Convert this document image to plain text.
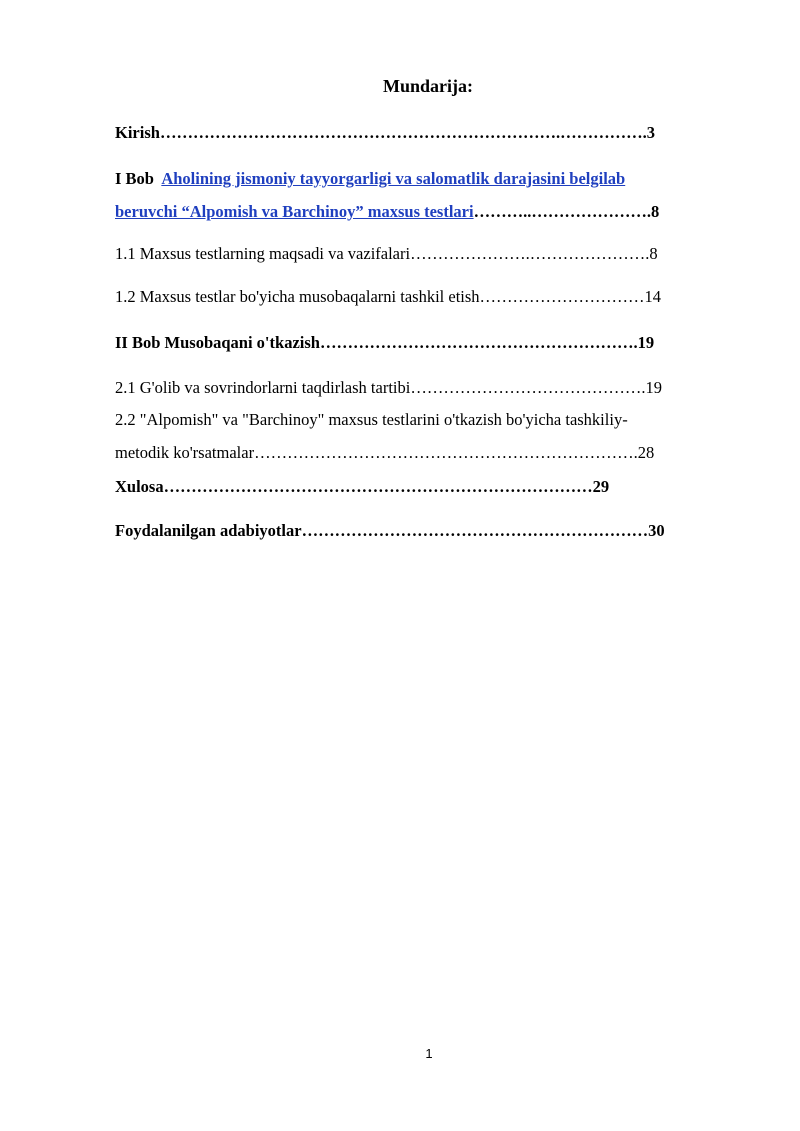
Mundarija:
Kirish……………………………………………………………….…………….3
I Bob Aholining jismoniy tayyorgarligi va salomatlik darajasini belgilab
beruvchi “Alpomish va Barchinoy” maxsus testlari………..………………….8
1.1 Maxsus testlarning maqsadi va vazifalari………………….………………….8
1.2 Maxsus testlar bo'yicha musobaqalarni tashkil etish…………………………14
II Bob Musobaqani o'tkazish………………………………………………….19
2.1 G'olib va sovrindorlarni taqdirlash tartibi…………………………………….19
2.2 "Alpomish" va "Barchinoy" maxsus testlarini o'tkazish bo'yicha tashkiliy-
metodik ko'rsatmalar…………………………………………………………….28
Xulosa……………………………………………………………………29
Foydalanilgan adabiyotlar………………………………………………………30
1
